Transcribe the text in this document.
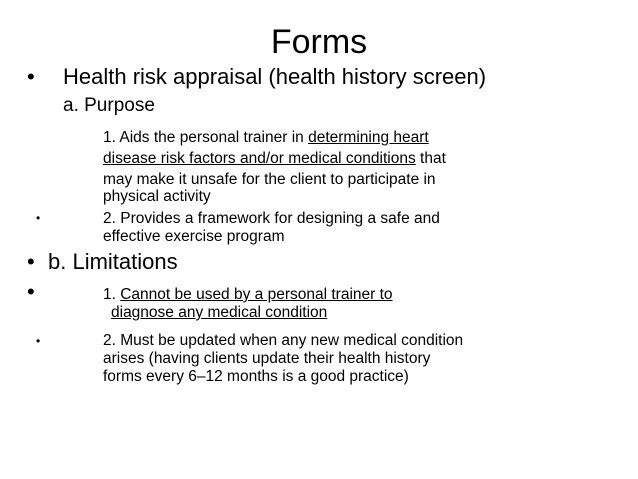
Forms
• Health risk appraisal (health history screen)
a. Purpose
1. Aids the personal trainer in determining heart
disease risk factors and/or medical conditions that
may make it unsafe for the client to participate in
physical activity
•	2. Provides a framework for designing a safe and
effective exercise program
• b. Limitations
•	1. Cannot be used by a personal trainer to
diagnose any medical condition
•	2. Must be updated when any new medical condition
arises (having clients update their health history
forms every 6–12 months is a good practice)
